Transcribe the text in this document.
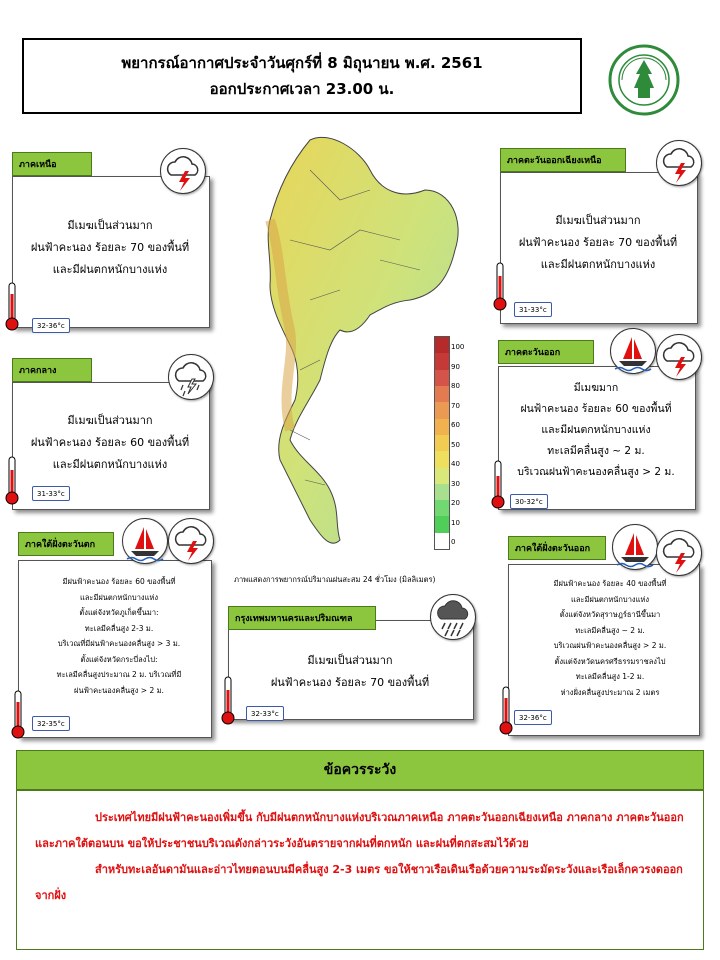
พยากรณ์อากาศประจำวันศุกร์ที่ 8 มิถุนายน พ.ศ. 2561
ออกประกาศเวลา 23.00 น.
100
90
80
70
60
50
40
30
20
10
0
ภาพแสดงการพยากรณ์ปริมาณฝนสะสม 24 ชั่วโมง (มิลลิเมตร)
ภาคเหนือ
มีเมฆเป็นส่วนมาก
ฝนฟ้าคะนอง ร้อยละ 70 ของพื้นที่
และมีฝนตกหนักบางแห่ง
32-36°c
ภาคกลาง
มีเมฆเป็นส่วนมาก
ฝนฟ้าคะนอง ร้อยละ 60 ของพื้นที่
และมีฝนตกหนักบางแห่ง
31-33°c
ภาคใต้ฝั่งตะวันตก
มีฝนฟ้าคะนอง ร้อยละ 60 ของพื้นที่
และมีฝนตกหนักบางแห่ง
ตั้งแต่จังหวัดภูเก็ตขึ้นมา:
ทะเลมีคลื่นสูง 2-3 ม.
บริเวณที่มีฝนฟ้าคะนองคลื่นสูง > 3 ม.
ตั้งแต่จังหวัดกระบี่ลงไป:
ทะเลมีคลื่นสูงประมาณ 2 ม. บริเวณที่มี
ฝนฟ้าคะนองคลื่นสูง > 2 ม.
32-35°c
กรุงเทพมหานครและปริมณฑล
มีเมฆเป็นส่วนมาก
ฝนฟ้าคะนอง ร้อยละ 70 ของพื้นที่
32-33°c
ภาคตะวันออกเฉียงเหนือ
มีเมฆเป็นส่วนมาก
ฝนฟ้าคะนอง ร้อยละ 70 ของพื้นที่
และมีฝนตกหนักบางแห่ง
31-33°c
ภาคตะวันออก
มีเมฆมาก
ฝนฟ้าคะนอง ร้อยละ 60 ของพื้นที่
และมีฝนตกหนักบางแห่ง
ทะเลมีคลื่นสูง ~ 2 ม.
บริเวณฝนฟ้าคะนองคลื่นสูง > 2 ม.
30-32°c
ภาคใต้ฝั่งตะวันออก
มีฝนฟ้าคะนอง ร้อยละ 40 ของพื้นที่
และมีฝนตกหนักบางแห่ง
ตั้งแต่จังหวัดสุราษฎร์ธานีขึ้นมา
ทะเลมีคลื่นสูง ~ 2 ม.
บริเวณฝนฟ้าคะนองคลื่นสูง > 2 ม.
ตั้งแต่จังหวัดนครศรีธรรมราชลงไป
ทะเลมีคลื่นสูง 1-2 ม.
ห่างฝั่งคลื่นสูงประมาณ 2 เมตร
32-36°c
ข้อควรระวัง

ประเทศไทยมีฝนฟ้าคะนองเพิ่มขึ้น กับมีฝนตกหนักบางแห่งบริเวณภาคเหนือ ภาคตะวันออกเฉียงเหนือ ภาคกลาง ภาคตะวันออก และภาคใต้ตอนบน ขอให้ประชาชนบริเวณดังกล่าวระวังอันตรายจากฝนที่ตกหนัก และฝนที่ตกสะสมไว้ด้วย

สำหรับทะเลอันดามันและอ่าวไทยตอนบนมีคลื่นสูง 2-3 เมตร ขอให้ชาวเรือเดินเรือด้วยความระมัดระวังและเรือเล็กควรงดออกจากฝั่ง
